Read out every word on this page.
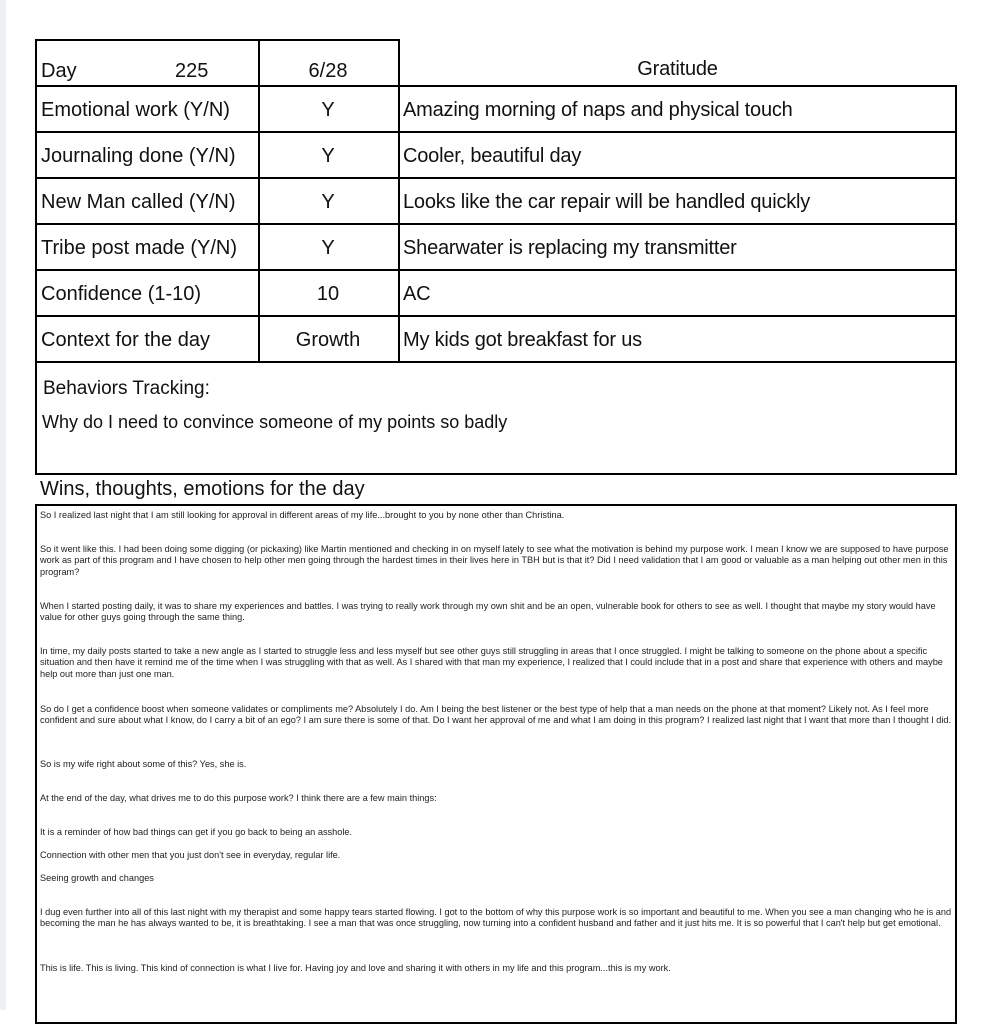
Day	225	6/28	Gratitude
Emotional work (Y/N)	Y	Amazing morning of naps and physical touch
Journaling done (Y/N)	Y	Cooler, beautiful day
New Man called (Y/N)	Y	Looks like the car repair will be handled quickly
Tribe post made (Y/N)	Y	Shearwater is replacing my transmitter
Confidence (1-10)	10	AC
Context for the day	Growth	My kids got breakfast for us
Behaviors Tracking:
Why do I need to convince someone of my points so badly
Wins, thoughts, emotions for the day

So I realized last night that I am still looking for approval in different areas of my life...brought to you by none other than Christina.

So it went like this. I had been doing some digging (or pickaxing) like Martin mentioned and checking in on myself lately to see what the motivation is behind my purpose work. I mean I know we are supposed to have purpose work as part of this program and I have chosen to help other men going through the hardest times in their lives here in TBH but is that it? Did I need validation that I am good or valuable as a man helping out other men in this program?

When I started posting daily, it was to share my experiences and battles. I was trying to really work through my own shit and be an open, vulnerable book for others to see as well. I thought that maybe my story would have value for other guys going through the same thing.

In time, my daily posts started to take a new angle as I started to struggle less and less myself but see other guys still struggling in areas that I once struggled. I might be talking to someone on the phone about a specific situation and then have it remind me of the time when I was struggling with that as well. As I shared with that man my experience, I realized that I could include that in a post and share that experience with others and maybe help out more than just one man.

So do I get a confidence boost when someone validates or compliments me? Absolutely I do. Am I being the best listener or the best type of help that a man needs on the phone at that moment? Likely not. As I feel more confident and sure about what I know, do I carry a bit of an ego? I am sure there is some of that. Do I want her approval of me and what I am doing in this program? I realized last night that I want that more than I thought I did.

So is my wife right about some of this? Yes, she is.

At the end of the day, what drives me to do this purpose work? I think there are a few main things:

It is a reminder of how bad things can get if you go back to being an asshole.

Connection with other men that you just don't see in everyday, regular life.

Seeing growth and changes

I dug even further into all of this last night with my therapist and some happy tears started flowing. I got to the bottom of why this purpose work is so important and beautiful to me. When you see a man changing who he is and becoming the man he has always wanted to be, it is breathtaking. I see a man that was once struggling, now turning into a confident husband and father and it just hits me. It is so powerful that I can't help but get emotional.

This is life. This is living. This kind of connection is what I live for. Having joy and love and sharing it with others in my life and this program...this is my work.
